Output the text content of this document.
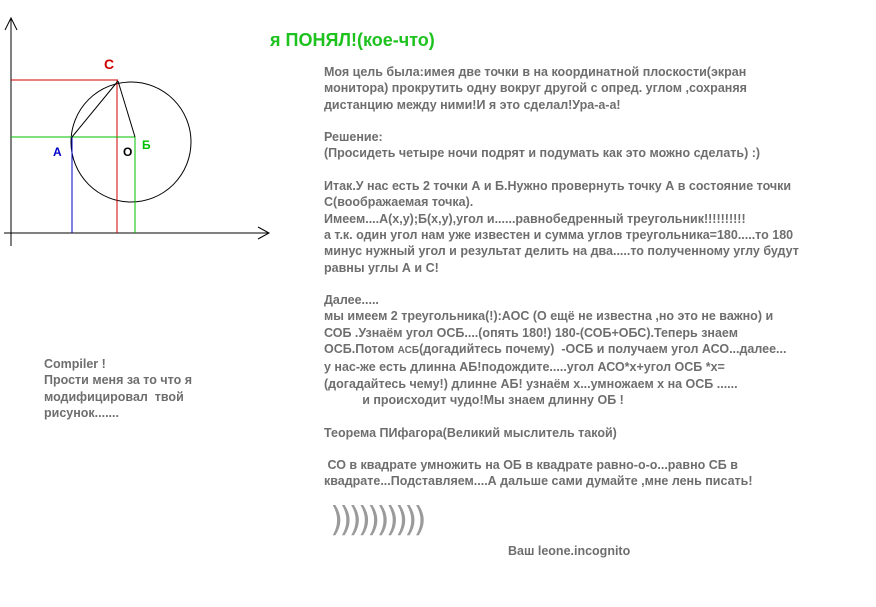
C
A	O Б
я ПОНЯЛ!(кое-что)
Моя цель была:имея две точки в на координатной плоскости(экран
монитора) прокрутить одну вокруг другой с опред. углом ,сохраняя
дистанцию между ними!И я это сделал!Ура-а-а!
Решение:
(Просидеть четыре ночи подрят и подумать как это можно сделать) :)
Итак.У нас есть 2 точки А и Б.Нужно провернуть точку А в состояние точки
С(воображаемая точка).
Имеем....А(x,y);Б(x,y),угол и......равнобедренный треугольник!!!!!!!!!!
а т.к. один угол нам уже известен и сумма углов треугольника=180.....то 180
минус нужный угол и результат делить на два.....то полученному углу будут
равны углы А и С!
Далее.....
мы имеем 2 треугольника(!):АОС (О ещё не известна ,но это не важно) и
СОБ .Узнаём угол ОСБ....(опять 180!) 180-(СОБ+ОБС).Теперь знаем
ОСБ.Потом АСБ(догадийтесь почему)  -ОСБ и получаем угол АСО...далее...
у нас-же есть длинна АБ!подождите.....угол АСО*x+угол ОСБ *x=
(догадайтесь чему!) длинне АБ! узнаём x...умножаем x на ОСБ ......
и происходит чудо!Мы знаем длинну ОБ !
Теорема ПИфагора(Великий мыслитель такой)
СО в квадрате умножить на ОБ в квадрате равно-о-о...равно СБ в
квадрате...Подставляем....А дальше сами думайте ,мне лень писать!
Compiler !
Прости меня за то что я
модифицировал  твой
рисунок.......
))))))))))
Ваш leone.incognito
